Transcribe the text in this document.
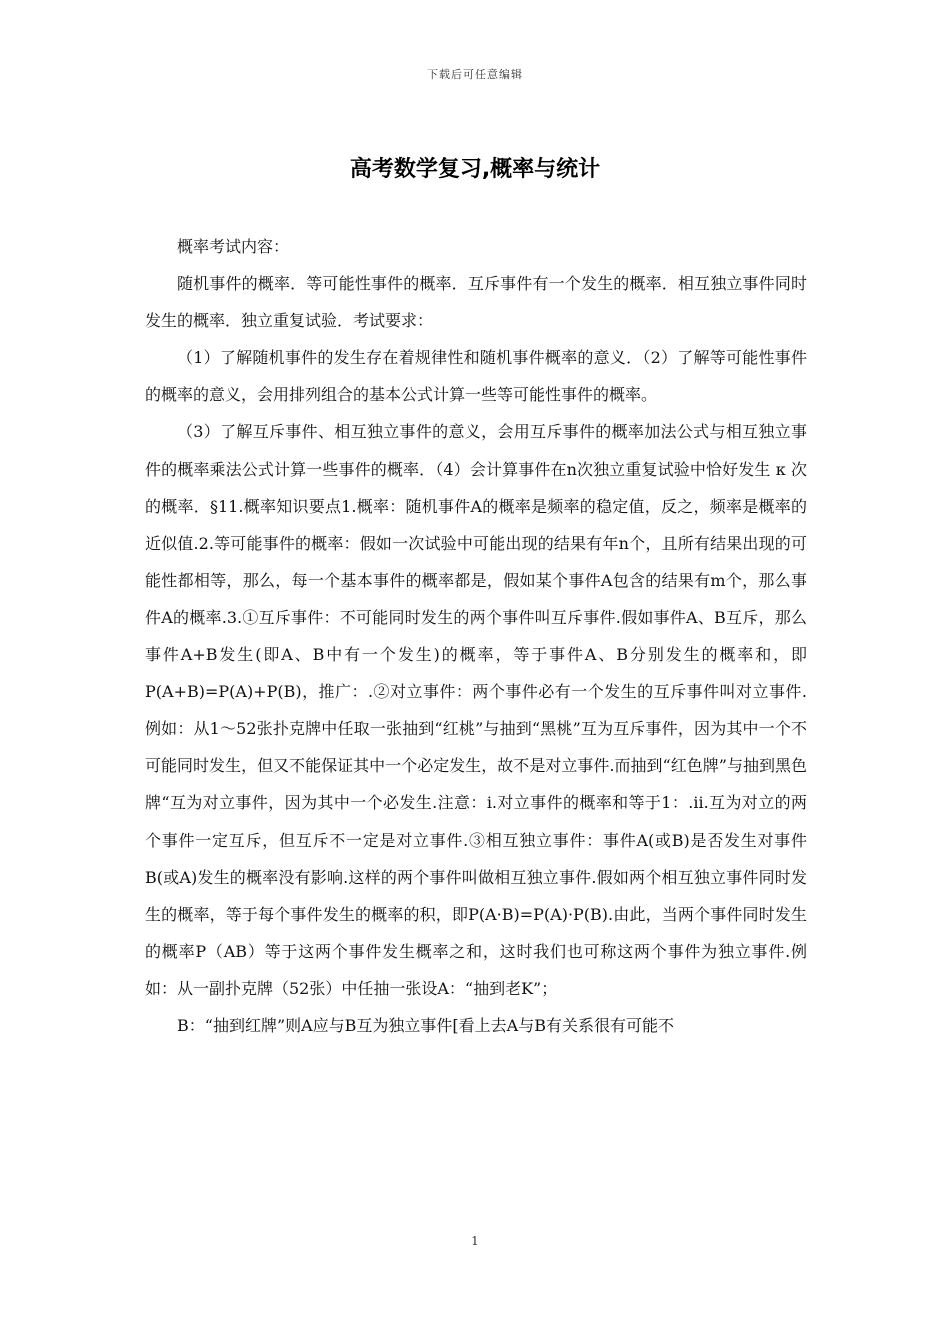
下载后可任意编辑
高考数学复习,概率与统计

概率考试内容：

随机事件的概率．等可能性事件的概率．互斥事件有一个发生的概率．相互独立事件同时发生的概率．独立重复试验．考试要求：

（1）了解随机事件的发生存在着规律性和随机事件概率的意义．（2）了解等可能性事件的概率的意义，会用排列组合的基本公式计算一些等可能性事件的概率。

（3）了解互斥事件、相互独立事件的意义，会用互斥事件的概率加法公式与相互独立事件的概率乘法公式计算一些事件的概率．（4）会计算事件在n次独立重复试验中恰好发生 κ 次的概率．§11.概率知识要点1.概率：随机事件A的概率是频率的稳定值，反之，频率是概率的近似值.2.等可能事件的概率：假如一次试验中可能出现的结果有年n个，且所有结果出现的可能性都相等，那么，每一个基本事件的概率都是，假如某个事件A包含的结果有m个，那么事件A的概率.3.①互斥事件：不可能同时发生的两个事件叫互斥事件.假如事件A、B互斥，那么事件A+B发生(即A、B中有一个发生)的概率，等于事件A、B分别发生的概率和，即P(A+B)=P(A)+P(B)，推广：.②对立事件：两个事件必有一个发生的互斥事件叫对立事件.例如：从1～52张扑克牌中任取一张抽到“红桃”与抽到“黑桃”互为互斥事件，因为其中一个不可能同时发生，但又不能保证其中一个必定发生，故不是对立事件.而抽到“红色牌”与抽到黑色牌“互为对立事件，因为其中一个必发生.注意：i.对立事件的概率和等于1：.ii.互为对立的两个事件一定互斥，但互斥不一定是对立事件.③相互独立事件：事件A(或B)是否发生对事件B(或A)发生的概率没有影响.这样的两个事件叫做相互独立事件.假如两个相互独立事件同时发生的概率，等于每个事件发生的概率的积，即P(A·B)=P(A)·P(B).由此，当两个事件同时发生的概率P（AB）等于这两个事件发生概率之和，这时我们也可称这两个事件为独立事件.例如：从一副扑克牌（52张）中任抽一张设A：“抽到老K”；

B：“抽到红牌”则A应与B互为独立事件[看上去A与B有关系很有可能不

1
